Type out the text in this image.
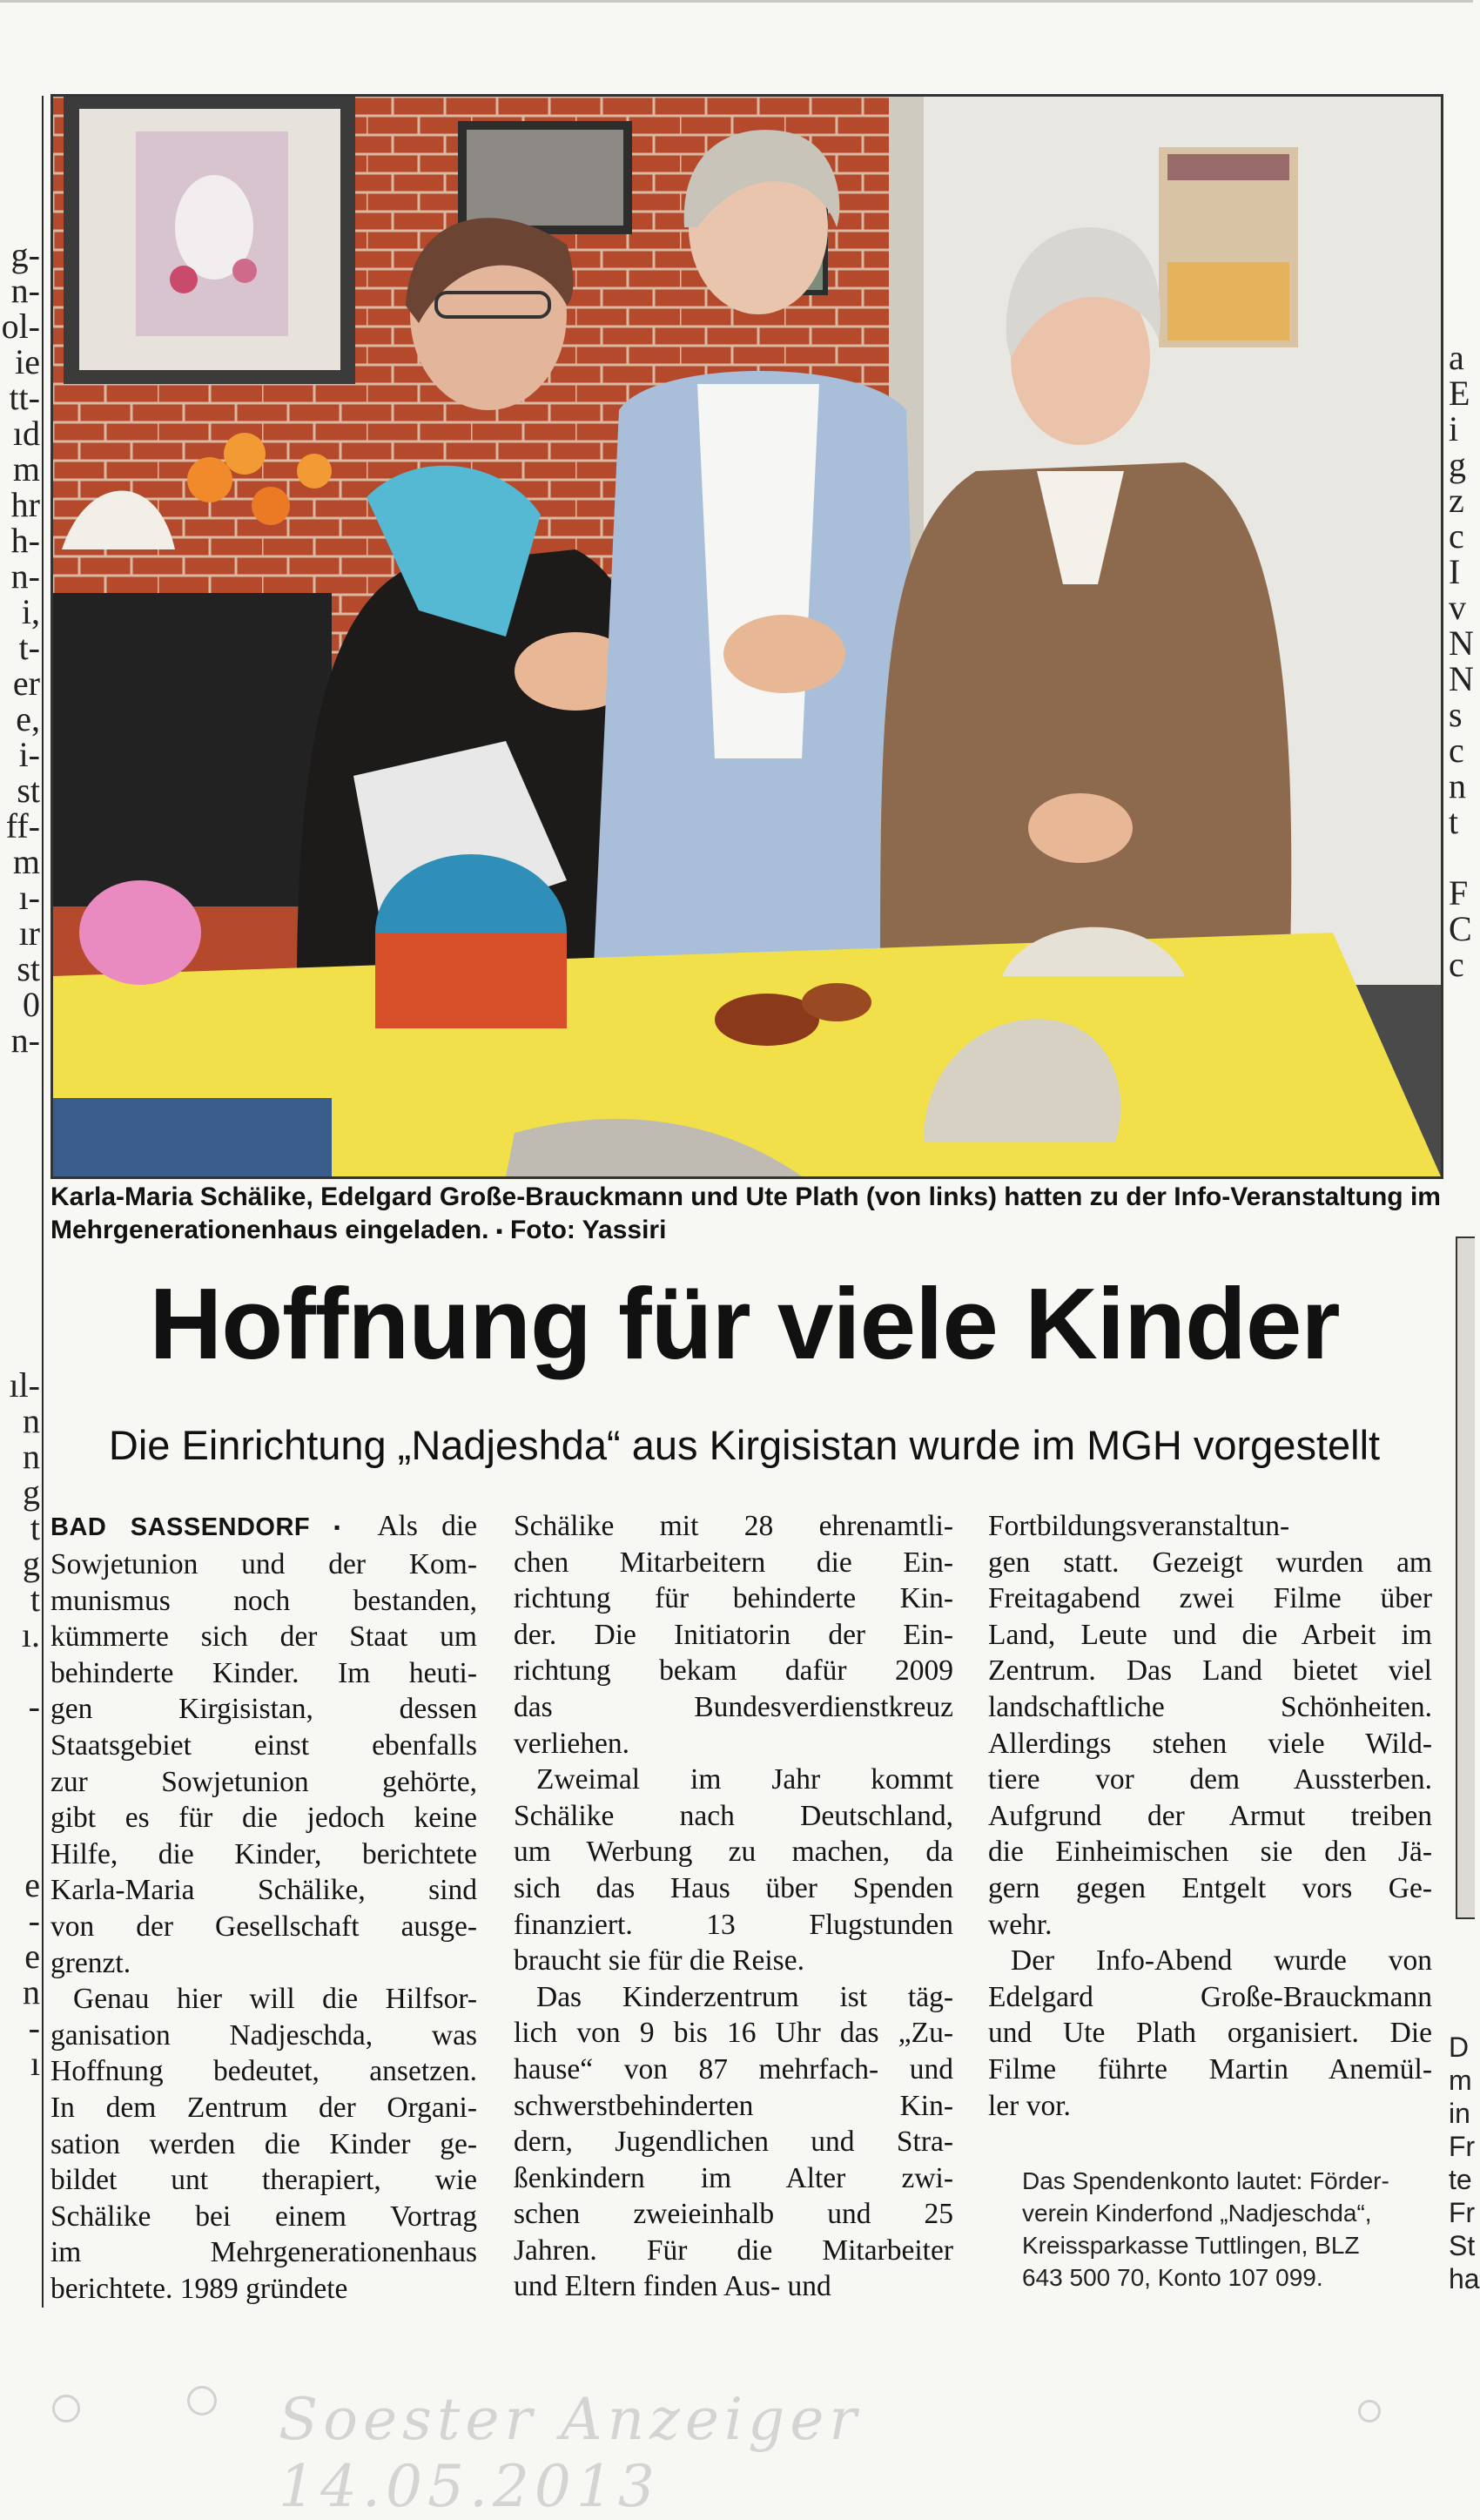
g-
n-
ol-
ie
tt-
ıd
m
hr
h-
n-
i,
t-
er
e,
i-
st
ff-
m
ı-
ır
st
0
n-
ıl-
n
n
g
t
g
t
ı.

-

e
-
e
n
-
ı
a
E
i
g
z
c
I
v
N
N
s
c
n
t

F
C
c
D
m
in
Fr
te
Fr
St
ha
Karla-Maria Schälike, Edelgard Große-Brauckmann und Ute Plath (von links) hatten zu der Info-Veranstaltung im Mehrgenerationenhaus eingeladen. ▪ Foto: Yassiri
Hoffnung für viele Kinder
Die Einrichtung „Nadjeshda“ aus Kirgisistan wurde im MGH vorgestellt

BAD SASSENDORF ▪ Als die

Sowjetunion und der Kom-

munismus noch bestanden,

kümmerte sich der Staat um

behinderte Kinder. Im heuti-

gen Kirgisistan, dessen

Staatsgebiet einst ebenfalls

zur Sowjetunion gehörte,

gibt es für die jedoch keine

Hilfe, die Kinder, berichtete

Karla-Maria Schälike, sind

von der Gesellschaft ausge-

grenzt.

Genau hier will die Hilfsor-

ganisation Nadjeschda, was

Hoffnung bedeutet, ansetzen.

In dem Zentrum der Organi-

sation werden die Kinder ge-

bildet unt therapiert, wie

Schälike bei einem Vortrag

im Mehrgenerationenhaus

berichtete. 1989 gründete

Schälike mit 28 ehrenamtli-

chen Mitarbeitern die Ein-

richtung für behinderte Kin-

der. Die Initiatorin der Ein-

richtung bekam dafür 2009

das Bundesverdienstkreuz

verliehen.

Zweimal im Jahr kommt

Schälike nach Deutschland,

um Werbung zu machen, da

sich das Haus über Spenden

finanziert. 13 Flugstunden

braucht sie für die Reise.

Das Kinderzentrum ist täg-

lich von 9 bis 16 Uhr das „Zu-

hause“ von 87 mehrfach- und

schwerstbehinderten Kin-

dern, Jugendlichen und Stra-

ßenkindern im Alter zwi-

schen zweieinhalb und 25

Jahren. Für die Mitarbeiter

und Eltern finden Aus- und

Fortbildungsveranstaltun-

gen statt. Gezeigt wurden am

Freitagabend zwei Filme über

Land, Leute und die Arbeit im

Zentrum. Das Land bietet viel

landschaftliche Schönheiten.

Allerdings stehen viele Wild-

tiere vor dem Aussterben.

Aufgrund der Armut treiben

die Einheimischen sie den Jä-

gern gegen Entgelt vors Ge-

wehr.

Der Info-Abend wurde von

Edelgard Große-Brauckmann

und Ute Plath organisiert. Die

Filme führte Martin Anemül-

ler vor.

Das Spendenkonto lautet: Förder-
verein Kinderfond „Nadjeschda“,
Kreissparkasse Tuttlingen, BLZ
643 500 70, Konto 107 099.
Soester Anzeiger 14.05.2013
